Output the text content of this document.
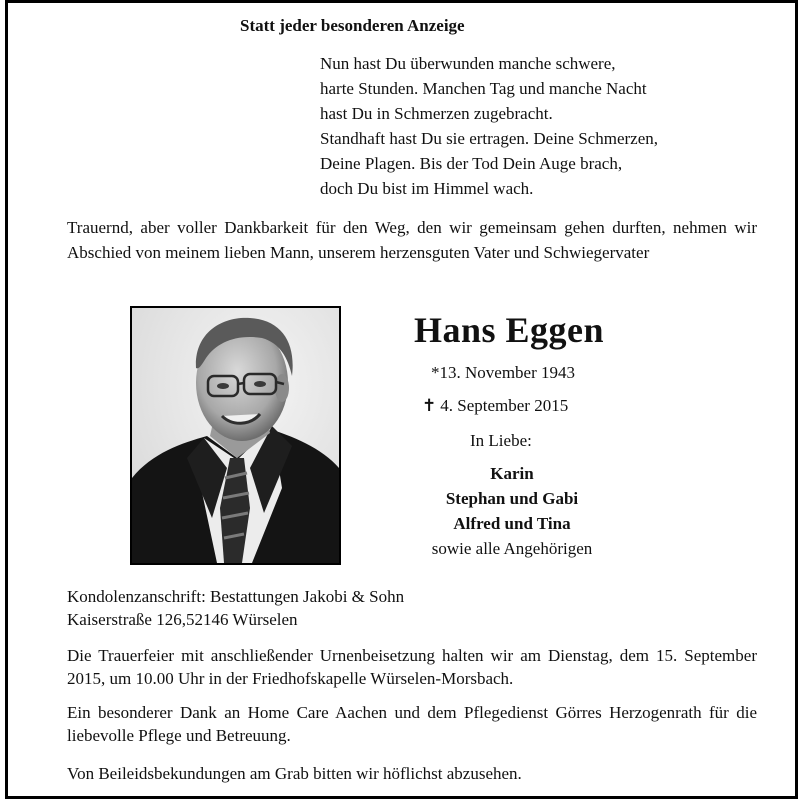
Statt jeder besonderen Anzeige
Nun hast Du überwunden manche schwere,
harte Stunden. Manchen Tag und manche Nacht
hast Du in Schmerzen zugebracht.
Standhaft hast Du sie ertragen. Deine Schmerzen,
Deine Plagen. Bis der Tod Dein Auge brach,
doch Du bist im Himmel wach.
Trauernd, aber voller Dankbarkeit für den Weg, den wir gemeinsam gehen durften, nehmen wir Abschied von meinem lieben Mann, unserem herzensguten Vater und Schwiegervater
Hans Eggen
*13. November 1943
✝ 4. September 2015
In Liebe:
Karin
Stephan und Gabi
Alfred und Tina
sowie alle Angehörigen
Kondolenzanschrift: Bestattungen Jakobi & Sohn
Kaiserstraße 126,52146 Würselen
Die Trauerfeier mit anschließender Urnenbeisetzung halten wir am Dienstag, dem 15. September 2015, um 10.00 Uhr in der Friedhofskapelle Würselen-Morsbach.
Ein besonderer Dank an Home Care Aachen und dem Pflegedienst Görres Herzogenrath für die liebevolle Pflege und Betreuung.
Von Beileidsbekundungen am Grab bitten wir höflichst abzusehen.
